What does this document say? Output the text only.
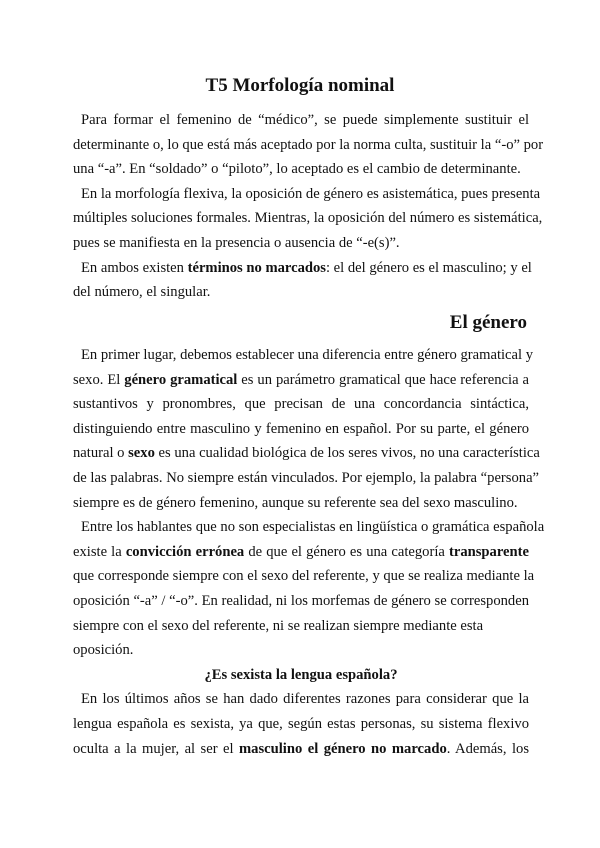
T5 Morfología nominal
Para formar el femenino de “médico”, se puede simplemente sustituir el
determinante o, lo que está más aceptado por la norma culta, sustituir la “-o” por
una “-a”. En “soldado” o “piloto”, lo aceptado es el cambio de determinante.
En la morfología flexiva, la oposición de género es asistemática, pues presenta
múltiples soluciones formales. Mientras, la oposición del número es sistemática,
pues se manifiesta en la presencia o ausencia de “-e(s)”.
En ambos existen términos no marcados: el del género es el masculino; y el
del número, el singular.
El género
En primer lugar, debemos establecer una diferencia entre género gramatical y
sexo. El género gramatical es un parámetro gramatical que hace referencia a
sustantivos y pronombres, que precisan de una concordancia sintáctica,
distinguiendo entre masculino y femenino en español. Por su parte, el género
natural o sexo es una cualidad biológica de los seres vivos, no una característica
de las palabras. No siempre están vinculados. Por ejemplo, la palabra “persona”
siempre es de género femenino, aunque su referente sea del sexo masculino.
Entre los hablantes que no son especialistas en lingüística o gramática española
existe la convicción errónea de que el género es una categoría transparente
que corresponde siempre con el sexo del referente, y que se realiza mediante la
oposición “-a” / “-o”. En realidad, ni los morfemas de género se corresponden
siempre con el sexo del referente, ni se realizan siempre mediante esta
oposición.
¿Es sexista la lengua española?
En los últimos años se han dado diferentes razones para considerar que la
lengua española es sexista, ya que, según estas personas, su sistema flexivo
oculta a la mujer, al ser el masculino el género no marcado. Además, los
